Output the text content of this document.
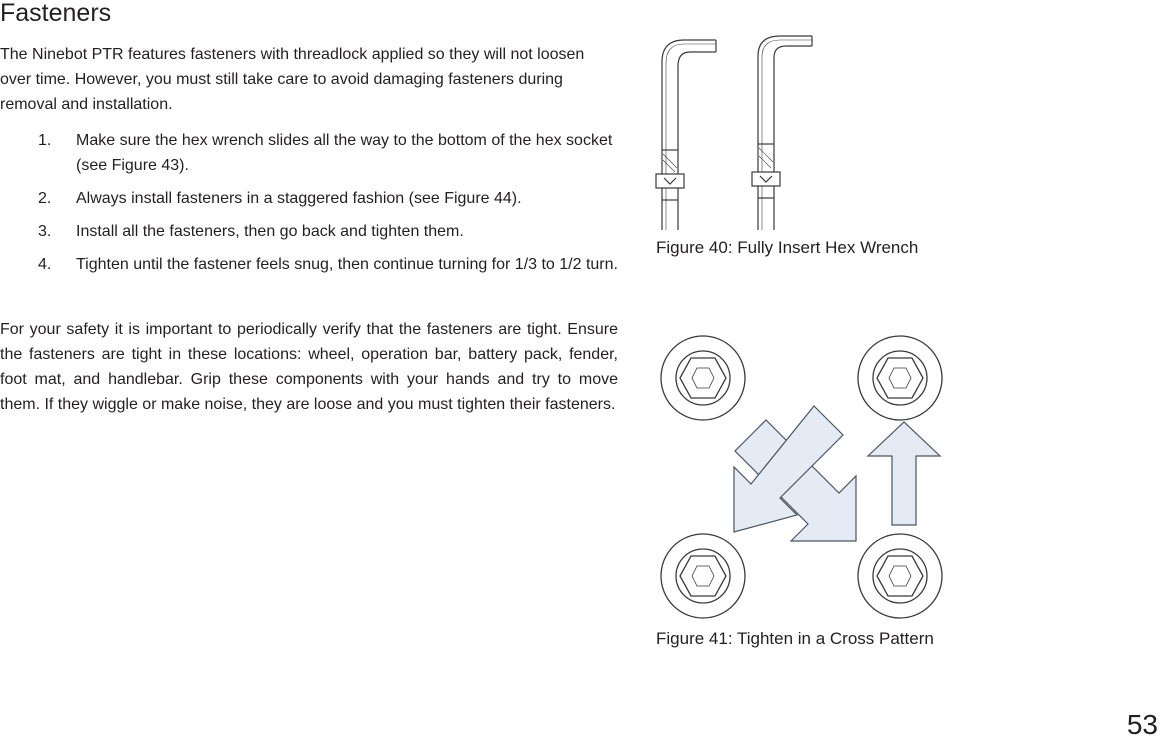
Fasteners

The Ninebot PTR features fasteners with threadlock applied so they will not loosen over time. However, you must still take care to avoid damaging fasteners during removal and installation.

1. Make sure the hex wrench slides all the way to the bottom of the hex socket (see Figure 43).
2. Always install fasteners in a staggered fashion (see Figure 44).
3. Install all the fasteners, then go back and tighten them.
4. Tighten until the fastener feels snug, then continue turning for 1/3 to 1/2 turn.

For your safety it is important to periodically verify that the fasteners are tight. Ensure the fasteners are tight in these locations: wheel, operation bar, battery pack, fender, foot mat, and handlebar. Grip these components with your hands and try to move them. If they wiggle or make noise, they are loose and you must tighten their fasteners.

Figure 40: Fully Insert Hex Wrench

Figure 41: Tighten in a Cross Pattern

53
